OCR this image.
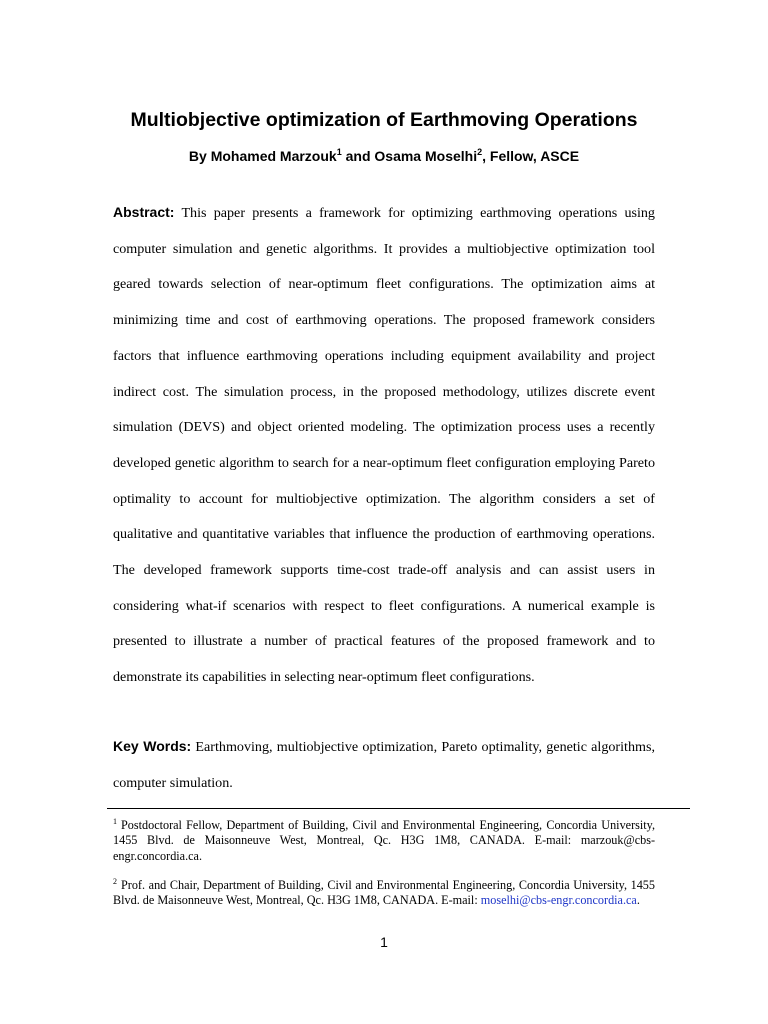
Multiobjective optimization of Earthmoving Operations
By Mohamed Marzouk$^1$ and Osama Moselhi$^2$, Fellow, ASCE

Abstract: This paper presents a framework for optimizing earthmoving operations using computer simulation and genetic algorithms. It provides a multiobjective optimization tool geared towards selection of near-optimum fleet configurations. The optimization aims at minimizing time and cost of earthmoving operations. The proposed framework considers factors that influence earthmoving operations including equipment availability and project indirect cost. The simulation process, in the proposed methodology, utilizes discrete event simulation (DEVS) and object oriented modeling. The optimization process uses a recently developed genetic algorithm to search for a near-optimum fleet configuration employing Pareto optimality to account for multiobjective optimization. The algorithm considers a set of qualitative and quantitative variables that influence the production of earthmoving operations. The developed framework supports time-cost trade-off analysis and can assist users in considering what-if scenarios with respect to fleet configurations. A numerical example is presented to illustrate a number of practical features of the proposed framework and to demonstrate its capabilities in selecting near-optimum fleet configurations.

Key Words: Earthmoving, multiobjective optimization, Pareto optimality, genetic algorithms, computer simulation.

$^1$ Postdoctoral Fellow, Department of Building, Civil and Environmental Engineering, Concordia University, 1455 Blvd. de Maisonneuve West, Montreal, Qc. H3G 1M8, CANADA. E-mail: marzouk@cbs-engr.concordia.ca.

$^2$ Prof. and Chair, Department of Building, Civil and Environmental Engineering, Concordia University, 1455 Blvd. de Maisonneuve West, Montreal, Qc. H3G 1M8, CANADA. E-mail: moselhi@cbs-engr.concordia.ca.

1
